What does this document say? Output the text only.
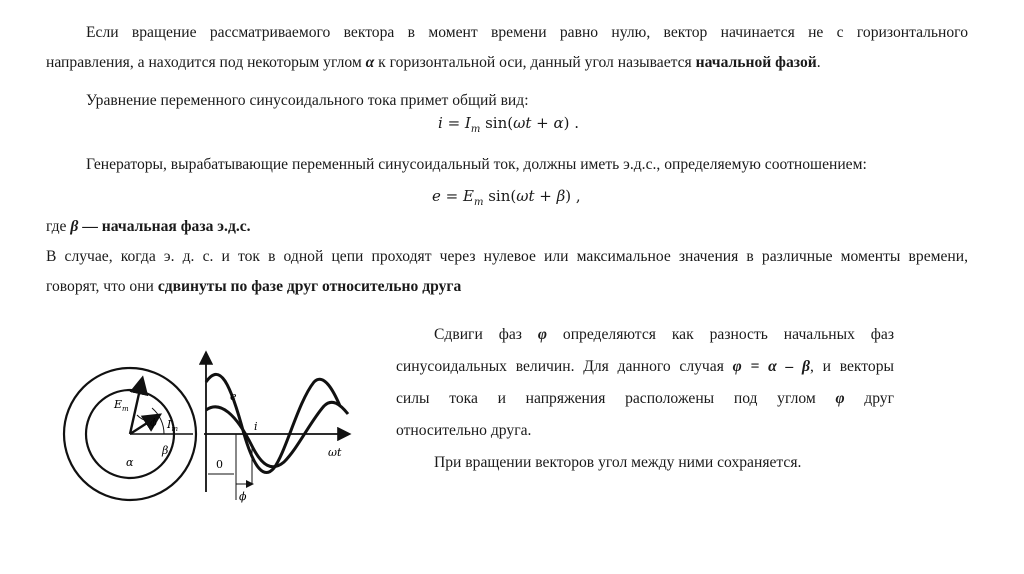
Если вращение рассматриваемого вектора в момент времени равно нулю, вектор начинается не с горизонтального

направления, а находится под некоторым углом α к горизонтальной оси, данный угол называется начальной фазой.

Уравнение переменного синусоидального тока примет общий вид:

$i = I_m$ sin(ωt + α) .

Генераторы, вырабатывающие переменный синусоидальный ток, должны иметь э.д.с., определяемую соотношением:

$e = E_m$ sin(ωt + β) ,

где β — начальная фаза э.д.с.

В случае, когда э. д. с. и ток в одной цепи проходят через нулевое или максимальное значения в различные моменты времени,

говорят, что они сдвинуты по фазе друг относительно друга

Сдвиги фаз φ определяются как разность начальных фаз

синусоидальных величин. Для данного случая φ = α – β, и векторы

силы тока и напряжения расположены под углом φ друг

относительно друга.

При вращении векторов угол между ними сохраняется.

$E_m$
$I_m$
ϕ
α
β
e
i
0
ωt
ϕ
